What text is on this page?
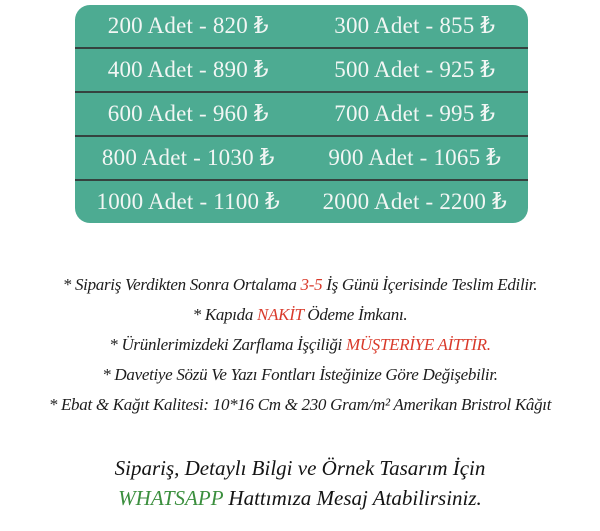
200 Adet - 820 ₺	300 Adet - 855 ₺
400 Adet - 890 ₺	500 Adet - 925 ₺
600 Adet - 960 ₺	700 Adet - 995 ₺
800 Adet - 1030 ₺	900 Adet - 1065 ₺
1000 Adet - 1100 ₺	2000 Adet - 2200 ₺
* Sipariş Verdikten Sonra Ortalama 3-5 İş Günü İçerisinde Teslim Edilir.
* Kapıda NAKİT Ödeme İmkanı.
* Ürünlerimizdeki Zarflama İşçiliği MÜŞTERİYE AİTTİR.
* Davetiye Sözü Ve Yazı Fontları İsteğinize Göre Değişebilir.
* Ebat & Kağıt Kalitesi: 10*16 Cm & 230 Gram/m² Amerikan Bristrol Kâğıt
Sipariş, Detaylı Bilgi ve Örnek Tasarım İçin
WHATSAPP Hattımıza Mesaj Atabilirsiniz.
